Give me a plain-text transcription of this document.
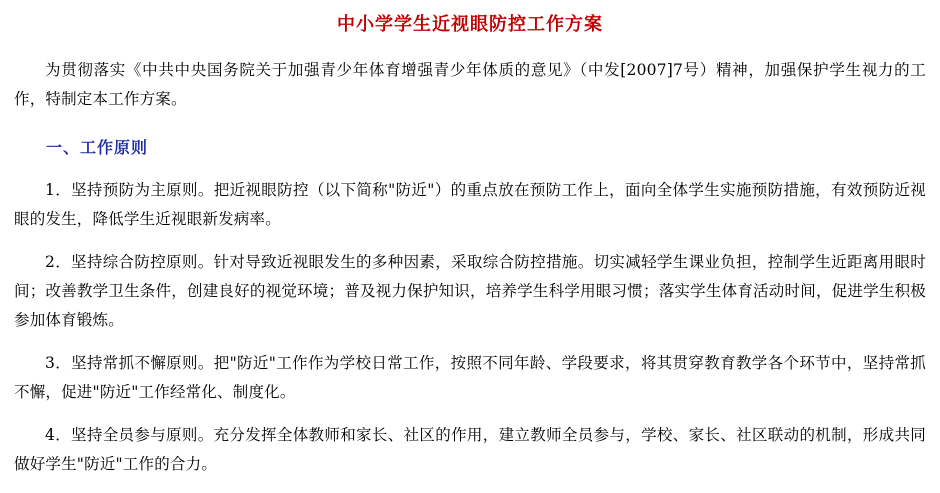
中小学学生近视眼防控工作方案

为贯彻落实《中共中央国务院关于加强青少年体育增强青少年体质的意见》（中发[2007]7号）精神，加强保护学生视力的工作，特制定本工作方案。

一、工作原则

1．坚持预防为主原则。把近视眼防控（以下简称"防近"）的重点放在预防工作上，面向全体学生实施预防措施，有效预防近视眼的发生，降低学生近视眼新发病率。

2．坚持综合防控原则。针对导致近视眼发生的多种因素，采取综合防控措施。切实减轻学生课业负担，控制学生近距离用眼时间；改善教学卫生条件，创建良好的视觉环境；普及视力保护知识，培养学生科学用眼习惯；落实学生体育活动时间，促进学生积极参加体育锻炼。

3．坚持常抓不懈原则。把"防近"工作作为学校日常工作，按照不同年龄、学段要求，将其贯穿教育教学各个环节中，坚持常抓不懈，促进"防近"工作经常化、制度化。

4．坚持全员参与原则。充分发挥全体教师和家长、社区的作用，建立教师全员参与，学校、家长、社区联动的机制，形成共同做好学生"防近"工作的合力。
